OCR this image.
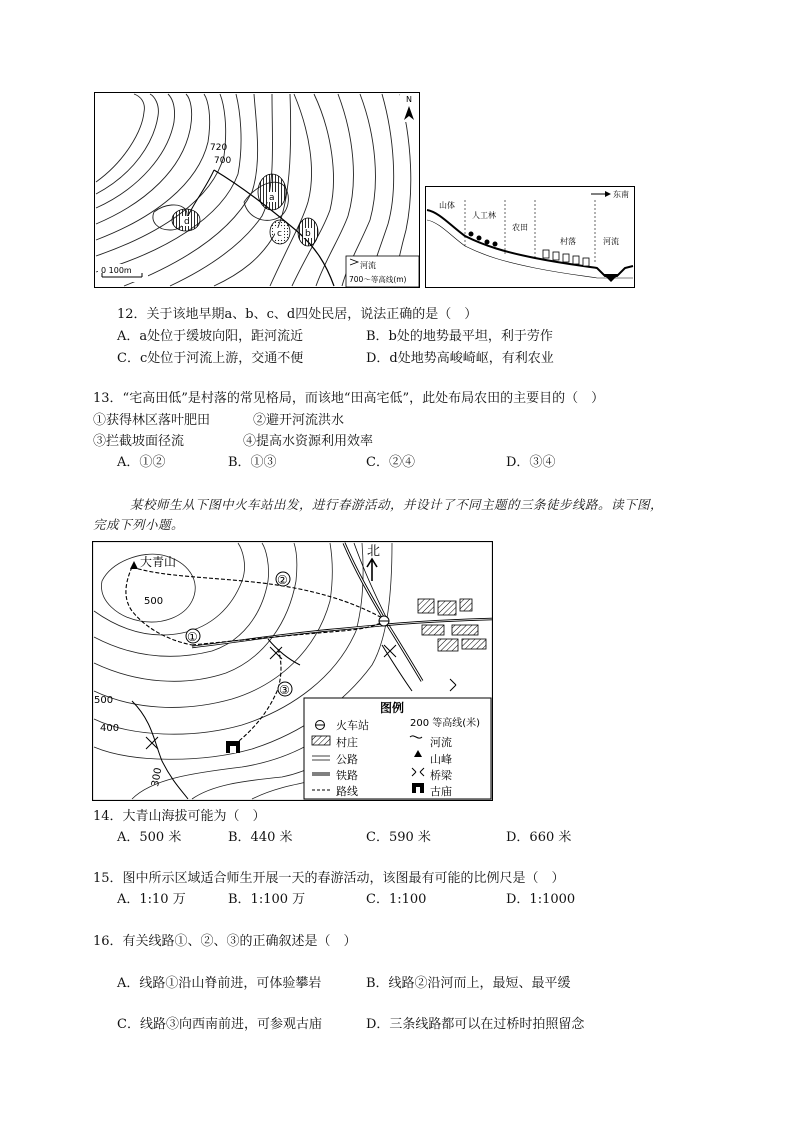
720
700
a
b
c
d
N
0 100m
河流
700～等高线(m)
东南
山体
人工林
农田
村落	河流
12．关于该地早期a、b、c、d四处民居，说法正确的是（　）
A．a处位于缓坡向阳，距河流近	B．b处的地势最平坦，利于劳作
C．c处位于河流上游，交通不便	D．d处地势高峻崎岖，有利农业
13．“宅高田低”是村落的常见格局，而该地“田高宅低”，此处布局农田的主要目的（　）
①获得林区落叶肥田	②避开河流洪水
③拦截坡面径流	④提高水资源利用效率
A．①②	B．①③	C．②④	D．③④
某校师生从下图中火车站出发，进行春游活动，并设计了不同主题的三条徒步线路。读下图，
完成下列小题。
大青山
北
500
500
400
300
①
②
③
图例
火车站
村庄
公路
铁路
路线
200 等高线(米)
河流
山峰
桥梁
古庙
14．大青山海拔可能为（　）
A．500 米	B．440 米	C．590 米	D．660 米
15．图中所示区域适合师生开展一天的春游活动，该图最有可能的比例尺是（　）
A．1:10 万	B．1:100 万	C．1:100	D．1:1000
16．有关线路①、②、③的正确叙述是（　）
A．线路①沿山脊前进，可体验攀岩	B．线路②沿河而上，最短、最平缓
C．线路③向西南前进，可参观古庙	D．三条线路都可以在过桥时拍照留念
